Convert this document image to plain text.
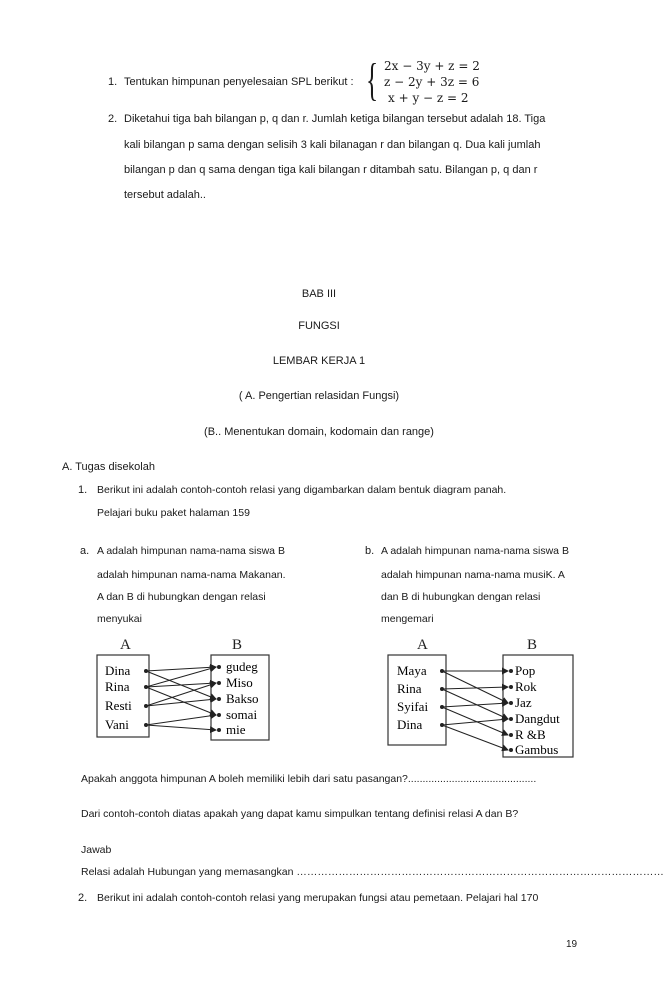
1. Tentukan himpunan penyelesaian SPL berikut : { 2x − 3y + z = 2
z − 2y + 3z = 6
x + y − z = 2
2. Diketahui tiga bah bilangan p, q dan r. Jumlah ketiga bilangan tersebut adalah 18. Tiga
kali bilangan p sama dengan selisih 3 kali bilanagan r dan bilangan q. Dua kali jumlah
bilangan p dan q sama dengan tiga kali bilangan r ditambah satu. Bilangan p, q dan r
tersebut adalah..
BAB III
FUNGSI
LEMBAR KERJA 1
( A. Pengertian relasidan Fungsi)
(B.. Menentukan domain, kodomain dan range)
A. Tugas disekolah
1. Berikut ini adalah contoh-contoh relasi yang digambarkan dalam bentuk diagram panah.
Pelajari buku paket halaman 159
a. A adalah himpunan nama-nama siswa B
adalah himpunan nama-nama Makanan.
A dan B di hubungkan dengan relasi
menyukai
b. A adalah himpunan nama-nama siswa B
adalah himpunan nama-nama musiK. A
dan B di hubungkan dengan relasi
mengemari
A	B
Dina
Rina
Resti
Vani
gudeg
Miso
Bakso
somai
mie
A	B
Maya
Rina
Syifai
Dina
Pop
Rok
Jaz
Dangdut
R &B
Gambus
Apakah anggota himpunan A boleh memiliki lebih dari satu pasangan?............................................
Dari contoh-contoh diatas apakah yang dapat kamu simpulkan tentang definisi relasi A dan B?
Jawab
Relasi adalah Hubungan yang memasangkan ……………………………………………………………………………………………
2. Berikut ini adalah contoh-contoh relasi yang merupakan fungsi atau pemetaan. Pelajari hal 170
19
